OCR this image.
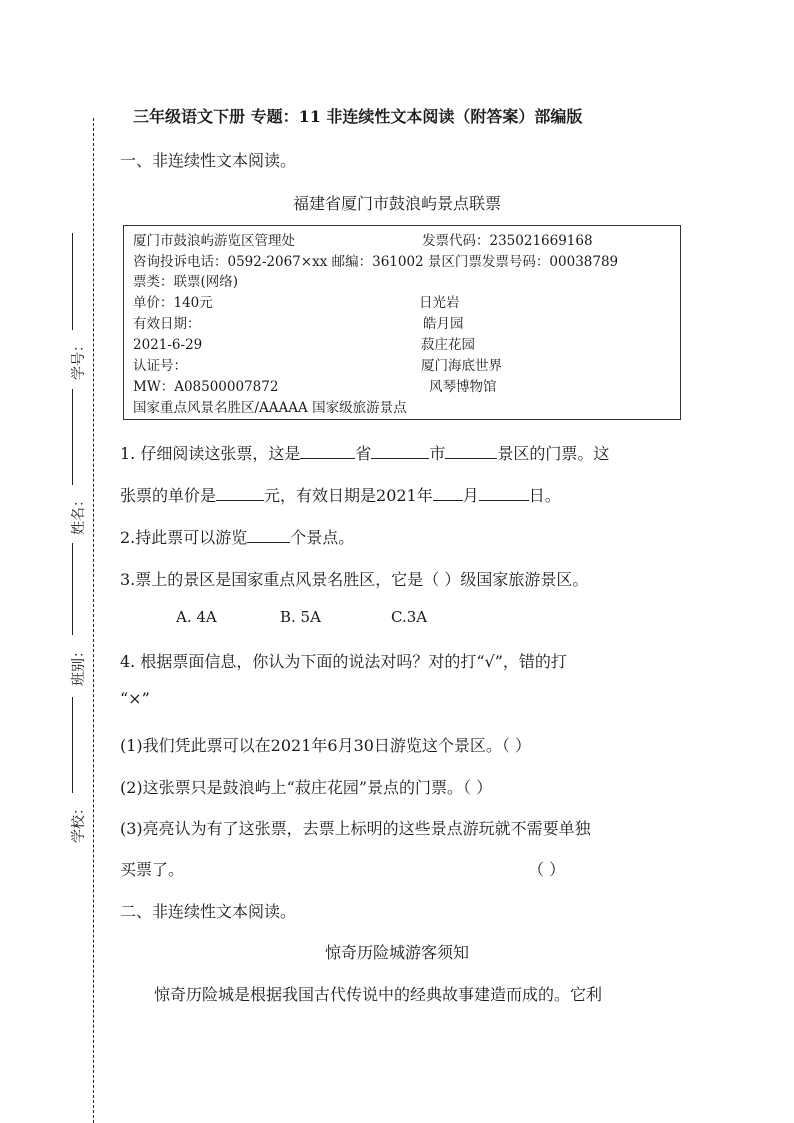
学号：
姓名：
班别：
学校：
三年级语文下册 专题：11 非连续性文本阅读（附答案）部编版
一、非连续性文本阅读。
福建省厦门市鼓浪屿景点联票
厦门市鼓浪屿游览区管理处	发票代码：235021669168
咨询投诉电话：0592-2067×xx 邮编：361002 景区门票发票号码：00038789
票类：联票(网络)
单价：140元
有效日期：
2021-6-29
认证号：
MW：A08500007872
国家重点风景名胜区/AAAAA 国家级旅游景点
日光岩
皓月园
菽庄花园
厦门海底世界
风琴博物馆
1. 仔细阅读这张票，这是	省	市	景区的门票。这
张票的单价是	元，有效日期是2021年 月	日。
2.持此票可以游览	个景点。
3.票上的景区是国家重点风景名胜区，它是（ ）级国家旅游景区。
A. 4A	B. 5A	C.3A
4. 根据票面信息，你认为下面的说法对吗？对的打“√”，错的打
“×”
(1)我们凭此票可以在2021年6月30日游览这个景区。（ ）
(2)这张票只是鼓浪屿上“菽庄花园”景点的门票。（ ）
(3)亮亮认为有了这张票，去票上标明的这些景点游玩就不需要单独
买票了。	（ ）
二、非连续性文本阅读。
惊奇历险城游客须知
惊奇历险城是根据我国古代传说中的经典故事建造而成的。它利
